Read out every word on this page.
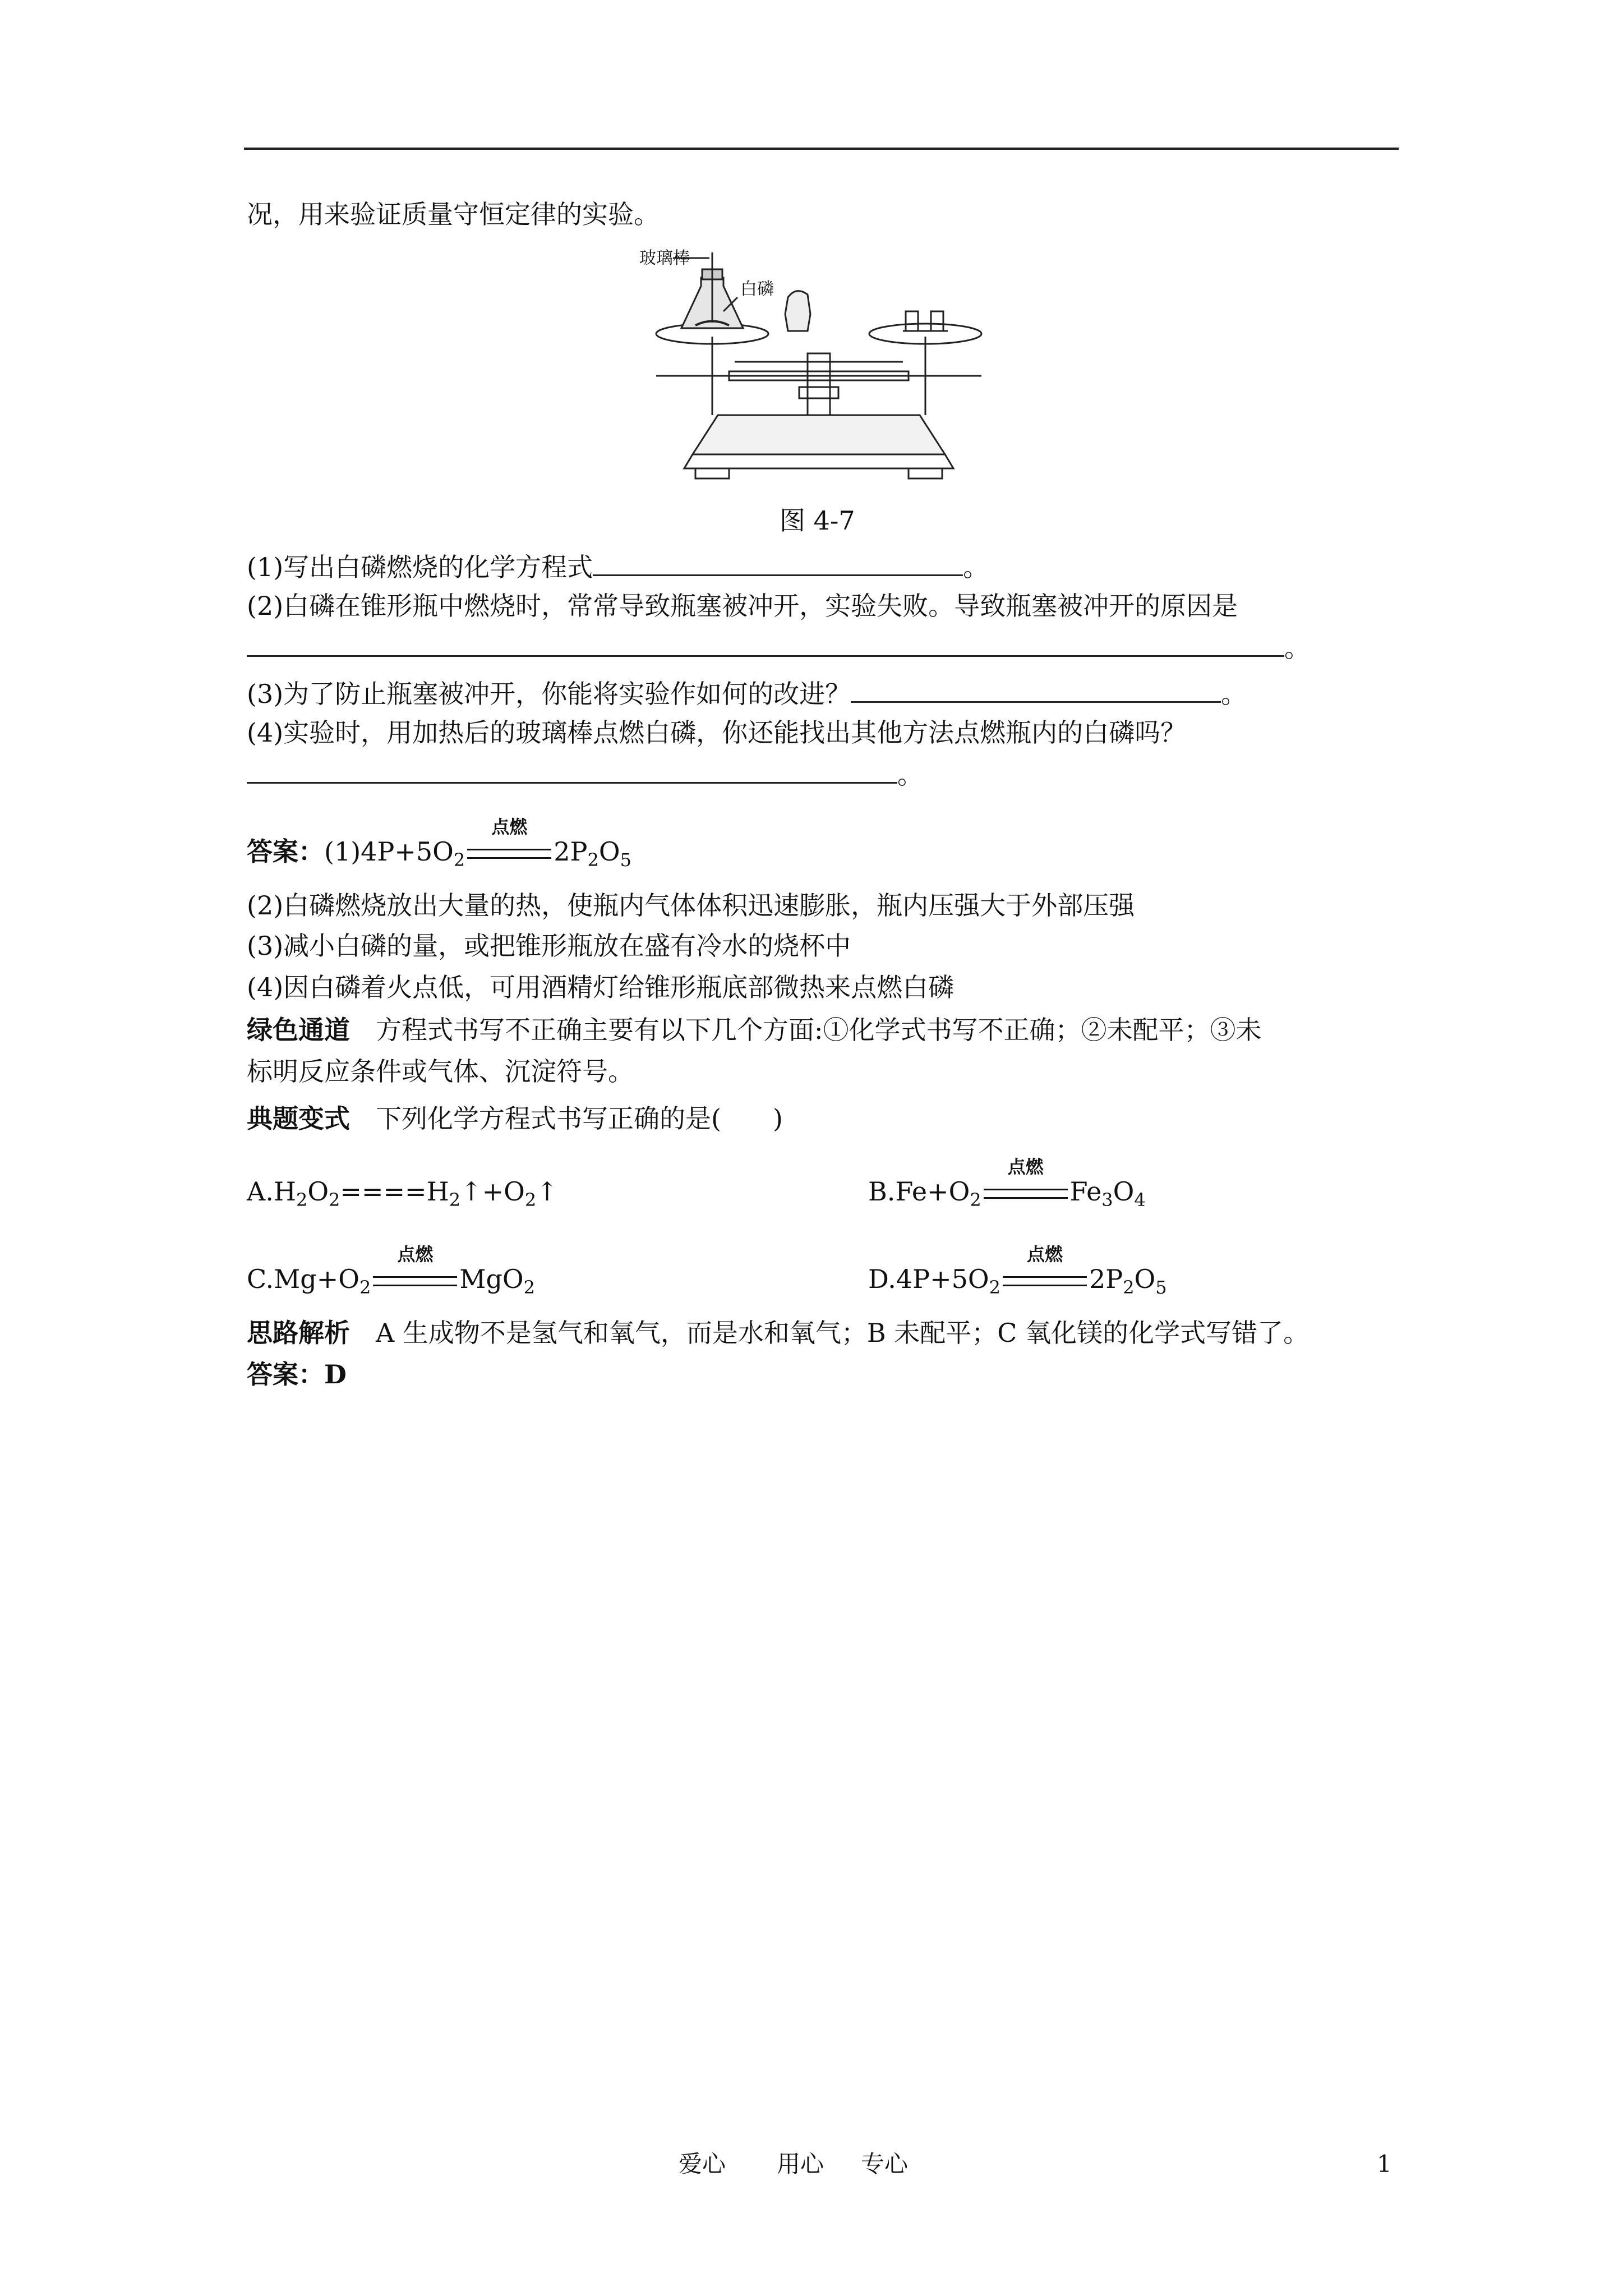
况，用来验证质量守恒定律的实验。
玻璃棒
白磷
图 4-7
(1)写出白磷燃烧的化学方程式	。
(2)白磷在锥形瓶中燃烧时，常常导致瓶塞被冲开，实验失败。导致瓶塞被冲开的原因是
。
(3)为了防止瓶塞被冲开，你能将实验作如何的改进？	。
(4)实验时，用加热后的玻璃棒点燃白磷，你还能找出其他方法点燃瓶内的白磷吗？
。
答案：$(1)4P+5O_2$
点燃
$2P_2O_5$
(2)白磷燃烧放出大量的热，使瓶内气体体积迅速膨胀，瓶内压强大于外部压强
(3)减小白磷的量，或把锥形瓶放在盛有冷水的烧杯中
(4)因白磷着火点低，可用酒精灯给锥形瓶底部微热来点燃白磷
绿色通道　方程式书写不正确主要有以下几个方面:①化学式书写不正确；②未配平；③未
标明反应条件或气体、沉淀符号。
典题变式　下列化学方程式书写正确的是(　　)
$A.H_2O_2====H_2↑+O_2↑$	$B.Fe+O_2$
点燃
$Fe_3O_4$
$C.Mg+O_2$
点燃
MgO$_2$	$D.4P+5O_2$
点燃
$2P_2O_5$
思路解析　A 生成物不是氢气和氧气，而是水和氧气；B 未配平；C 氧化镁的化学式写错了。
答案：D
爱心 用心 专心	1
